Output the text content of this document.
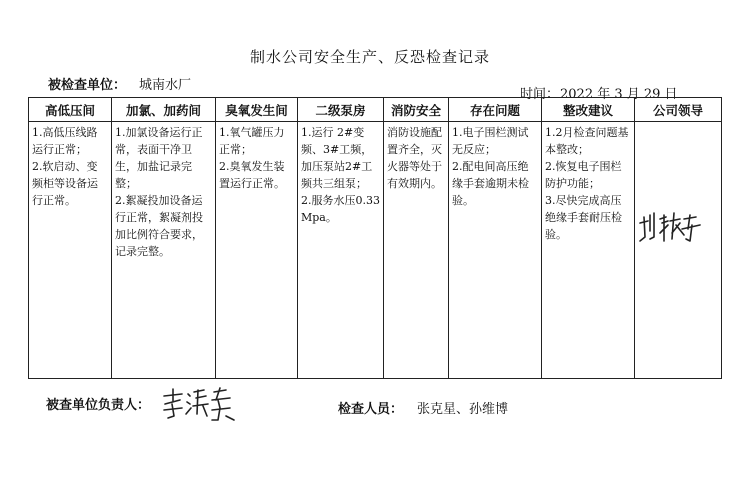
制水公司安全生产、反恐检查记录
被检查单位： 城南水厂
时间： 2022 年 3 月 29 日
高低压间	加氯、加药间	臭氧发生间	二级泵房	消防安全	存在问题	整改建议	公司领导
1.高低压线路运行正常；
2.软启动、变频柜等设备运行正常。	1.加氯设备运行正常，表面干净卫生，加盐记录完整；
2.絮凝投加设备运行正常，絮凝剂投加比例符合要求，记录完整。	1.氧气罐压力正常；
2.臭氧发生装置运行正常。	1.运行 2#变频、3#工频，加压泵站2#工频共三组泵；
2.服务水压0.33Mpa。	消防设施配置齐全，灭火器等处于有效期内。	1.电子围栏测试无反应；
2.配电间高压绝缘手套逾期未检验。	1.2月检查问题基本整改；
2.恢复电子围栏防护功能；
3.尽快完成高压绝缘手套耐压检验。	
被查单位负责人：	检查人员： 张克星、孙维博
